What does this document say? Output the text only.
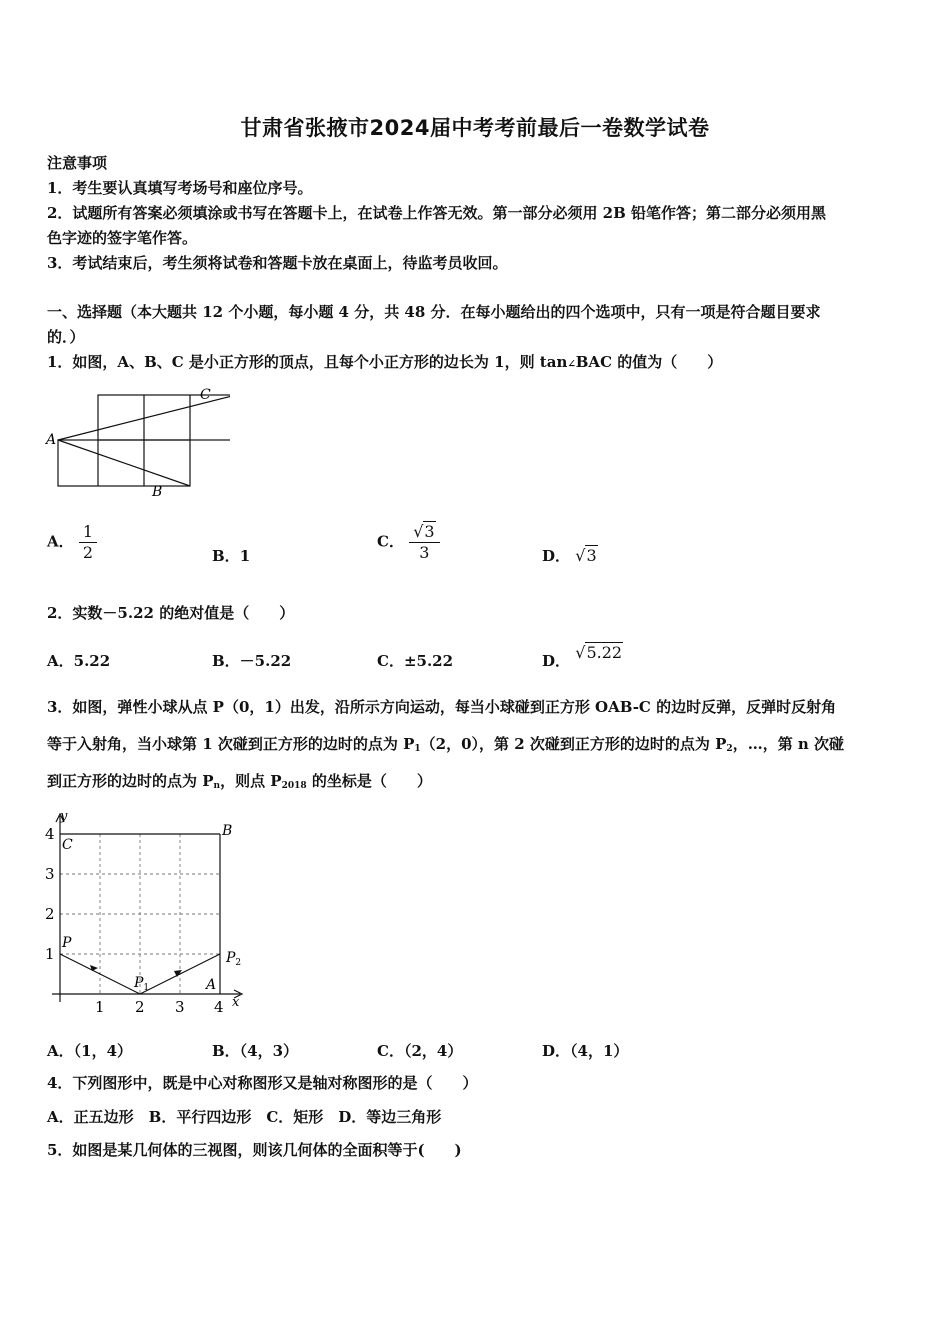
甘肃省张掖市2024届中考考前最后一卷数学试卷
注意事项
1．考生要认真填写考场号和座位序号。
2．试题所有答案必须填涂或书写在答题卡上，在试卷上作答无效。第一部分必须用 2B 铅笔作答；第二部分必须用黑
色字迹的签字笔作答。
3．考试结束后，考生须将试卷和答题卡放在桌面上，待监考员收回。
一、选择题（本大题共 12 个小题，每小题 4 分，共 48 分．在每小题给出的四个选项中，只有一项是符合题目要求
的．）
1．如图，A、B、C 是小正方形的顶点，且每个小正方形的边长为 1，则 tan∠BAC 的值为（　　）
A
B
C
A． $\frac{1}{2}$	B．1
C． $\frac{√3}{3}$	D． √3
2．实数－5.22 的绝对值是（　　）
A．5.22	B．－5.22	C．±5.22	D． √5.22
3．如图，弹性小球从点 P（0，1）出发，沿所示方向运动，每当小球碰到正方形 OAB-C 的边时反弹，反弹时反射角
等于入射角，当小球第 1 次碰到正方形的边时的点为 $P_1(2$，0），第 2 次碰到正方形的边时的点为 $P_2$，…，第 n 次碰
到正方形的边时的点为 $P_n$，则点 $P_{2018}$ 的坐标是（　　）
y
x
4
3
2
1
1 2 3 4
C
B
P
$P_1$	A
$P_2$
A．（1，4）	B．（4，3）	C．（2，4）	D．（4，1）
4．下列图形中，既是中心对称图形又是轴对称图形的是（　　）
A．正五边形　B．平行四边形　C．矩形　D．等边三角形
5．如图是某几何体的三视图，则该几何体的全面积等于(　　)
